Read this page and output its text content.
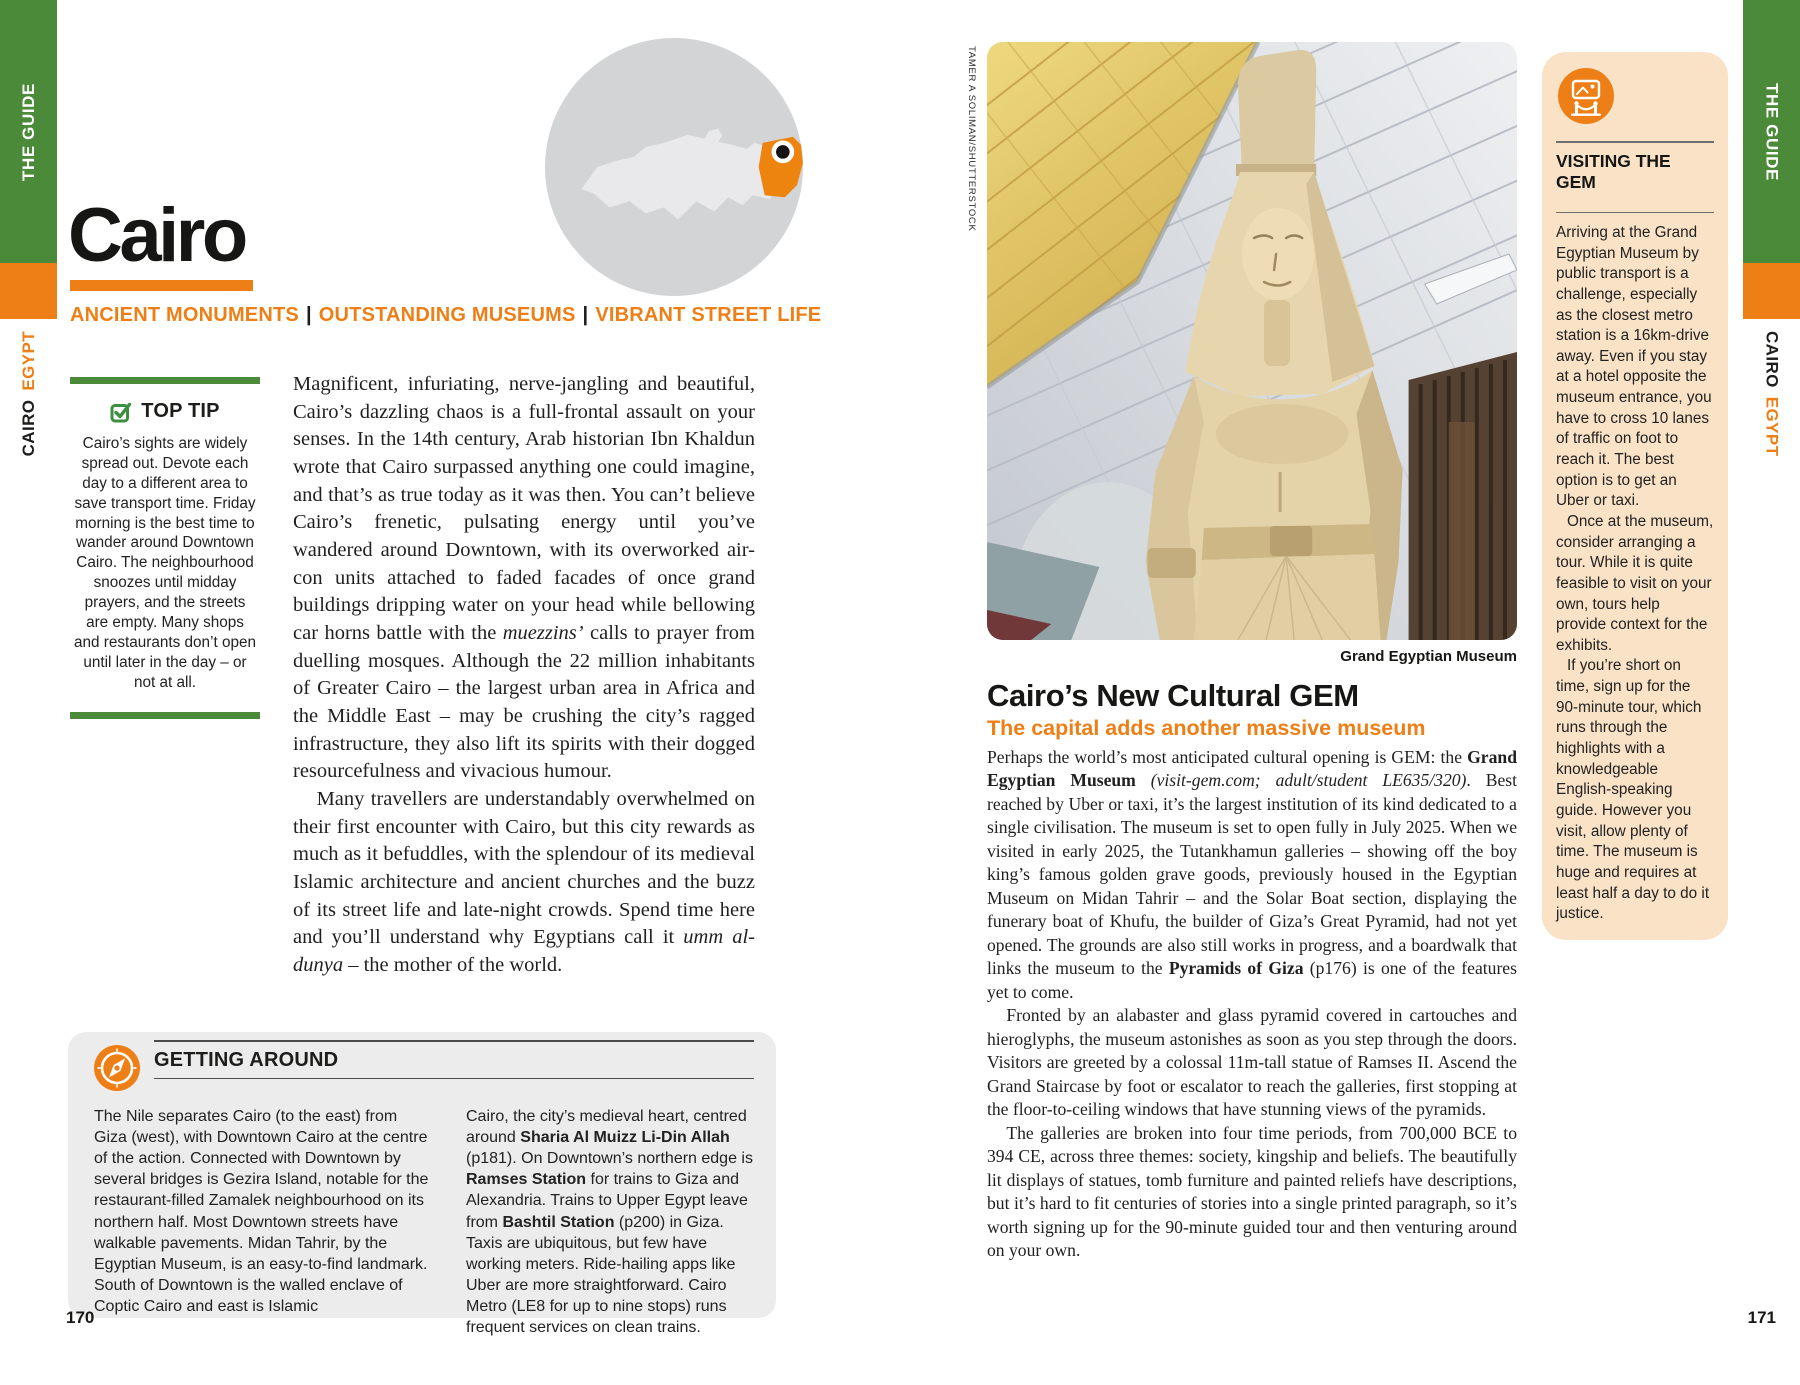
THE GUIDE
CAIROEGYPT
THE GUIDE
CAIROEGYPT
Cairo
ANCIENT MONUMENTS | OUTSTANDING MUSEUMS | VIBRANT STREET LIFE
TOP TIP
Cairo’s sights are widely spread out. Devote each day to a different area to save transport time. Friday morning is the best time to wander around Downtown Cairo. The neighbourhood snoozes until midday prayers, and the streets are empty. Many shops and restaurants don’t open until later in the day – or not at all.

Magnificent, infuriating, nerve-jangling and beautiful, Cairo’s dazzling chaos is a full-frontal assault on your senses. In the 14th century, Arab historian Ibn Khaldun wrote that Cairo surpassed anything one could imagine, and that’s as true today as it was then. You can’t believe Cairo’s frenetic, pulsating energy until you’ve wandered around Downtown, with its overworked air-con units attached to faded facades of once grand buildings dripping water on your head while bellowing car horns battle with the muezzins’ calls to prayer from duelling mosques. Although the 22 million inhabitants of Greater Cairo – the largest urban area in Africa and the Middle East – may be crushing the city’s ragged infrastructure, they also lift its spirits with their dogged resourcefulness and vivacious humour.

Many travellers are understandably overwhelmed on their first encounter with Cairo, but this city rewards as much as it befuddles, with the splendour of its medieval Islamic architecture and ancient churches and the buzz of its street life and late-night crowds. Spend time here and you’ll understand why Egyptians call it umm al-dunya – the mother of the world.

GETTING AROUND
The Nile separates Cairo (to the east) from Giza (west), with Downtown Cairo at the centre of the action. Connected with Downtown by several bridges is Gezira Island, notable for the restaurant-filled Zamalek neighbourhood on its northern half. Most Downtown streets have walkable pavements. Midan Tahrir, by the Egyptian Museum, is an easy-to-find landmark. South of Downtown is the walled enclave of Coptic Cairo and east is Islamic
Cairo, the city’s medieval heart, centred around Sharia Al Muizz Li-Din Allah (p181). On Downtown’s northern edge is Ramses Station for trains to Giza and Alexandria. Trains to Upper Egypt leave from Bashtil Station (p200) in Giza. Taxis are ubiquitous, but few have working meters. Ride-hailing apps like Uber are more straightforward. Cairo Metro (LE8 for up to nine stops) runs frequent services on clean trains.
170	171
TAMER A SOLIMAN/SHUTTERSTOCK
Grand Egyptian Museum
Cairo’s New Cultural GEM
The capital adds another massive museum

Perhaps the world’s most anticipated cultural opening is GEM: the Grand Egyptian Museum (visit-gem.com; adult/student LE635/320). Best reached by Uber or taxi, it’s the largest institution of its kind dedicated to a single civilisation. The museum is set to open fully in July 2025. When we visited in early 2025, the Tutankhamun galleries – showing off the boy king’s famous golden grave goods, previously housed in the Egyptian Museum on Midan Tahrir – and the Solar Boat section, displaying the funerary boat of Khufu, the builder of Giza’s Great Pyramid, had not yet opened. The grounds are also still works in progress, and a boardwalk that links the museum to the Pyramids of Giza (p176) is one of the features yet to come.

Fronted by an alabaster and glass pyramid covered in cartouches and hieroglyphs, the museum astonishes as soon as you step through the doors. Visitors are greeted by a colossal 11m-tall statue of Ramses II. Ascend the Grand Staircase by foot or escalator to reach the galleries, first stopping at the floor-to-ceiling windows that have stunning views of the pyramids.

The galleries are broken into four time periods, from 700,000 BCE to 394 CE, across three themes: society, kingship and beliefs. The beautifully lit displays of statues, tomb furniture and painted reliefs have descriptions, but it’s hard to fit centuries of stories into a single printed paragraph, so it’s worth signing up for the 90-minute guided tour and then venturing around on your own.

VISITING THE GEM

Arriving at the Grand Egyptian Museum by public transport is a challenge, especially as the closest metro station is a 16km-drive away. Even if you stay at a hotel opposite the museum entrance, you have to cross 10 lanes of traffic on foot to reach it. The best option is to get an Uber or taxi.

Once at the museum, consider arranging a tour. While it is quite feasible to visit on your own, tours help provide context for the exhibits.

If you’re short on time, sign up for the 90-minute tour, which runs through the highlights with a knowledgeable English-speaking guide. However you visit, allow plenty of time. The museum is huge and requires at least half a day to do it justice.
